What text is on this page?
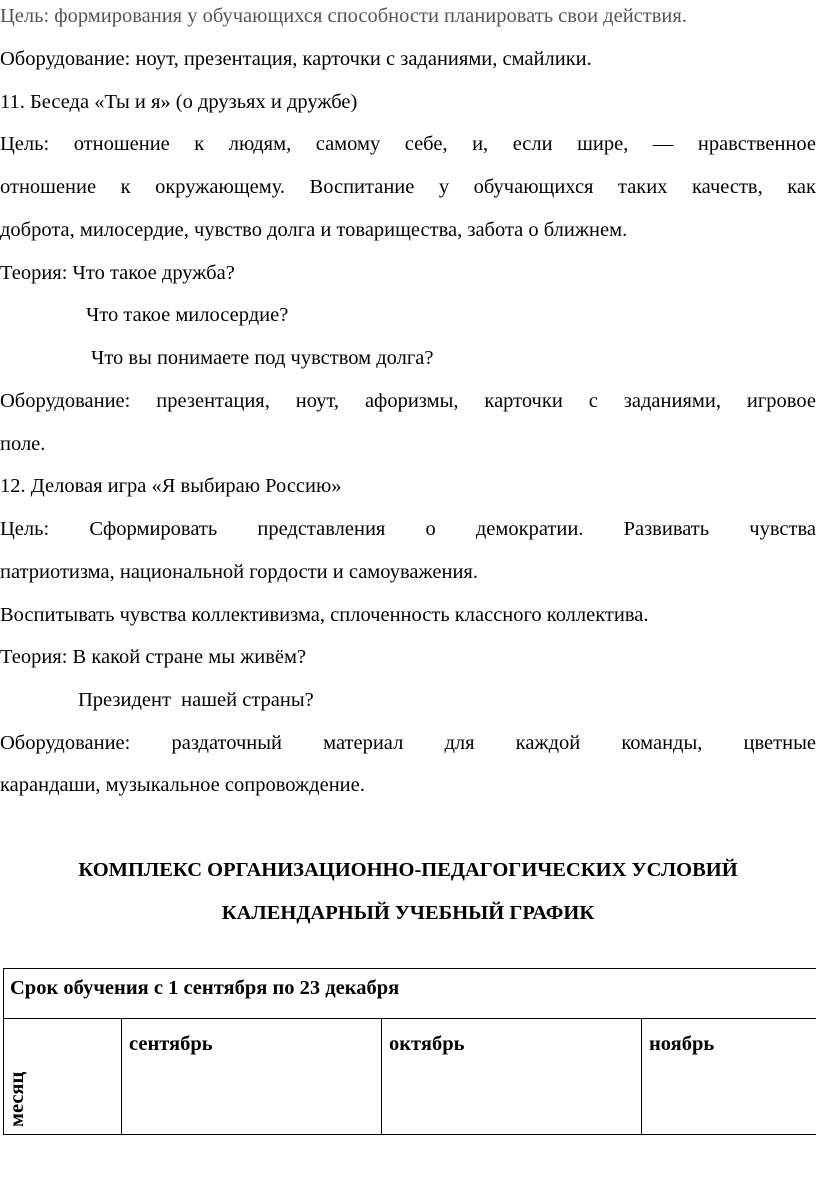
Цель: формирования у обучающихся способности планировать свои действия.
Оборудование: ноут, презентация, карточки с заданиями, смайлики.
11. Беседа «Ты и я» (о друзьях и дружбе)
Цель: отношение к людям, самому себе, и, если шире, — нравственное
отношение к окружающему. Воспитание у обучающихся таких качеств, как
доброта, милосердие, чувство долга и товарищества, забота о ближнем.
Теория: Что такое дружба?
Что такое милосердие?
Что вы понимаете под чувством долга?
Оборудование: презентация, ноут, афоризмы, карточки с заданиями, игровое
поле.
12. Деловая игра «Я выбираю Россию»
Цель: Сформировать представления о демократии. Развивать чувства
патриотизма, национальной гордости и самоуважения.
Воспитывать чувства коллективизма, сплоченность классного коллектива.
Теория: В какой стране мы живём?
Президент  нашей страны?
Оборудование: раздаточный материал для каждой команды, цветные
карандаши, музыкальное сопровождение.
КОМПЛЕКС ОРГАНИЗАЦИОННО-ПЕДАГОГИЧЕСКИХ УСЛОВИЙ
КАЛЕНДАРНЫЙ УЧЕБНЫЙ ГРАФИК
Срок обучения с 1 сентября по 23 декабря
сентябрь	октябрь	ноябрь
месяц
